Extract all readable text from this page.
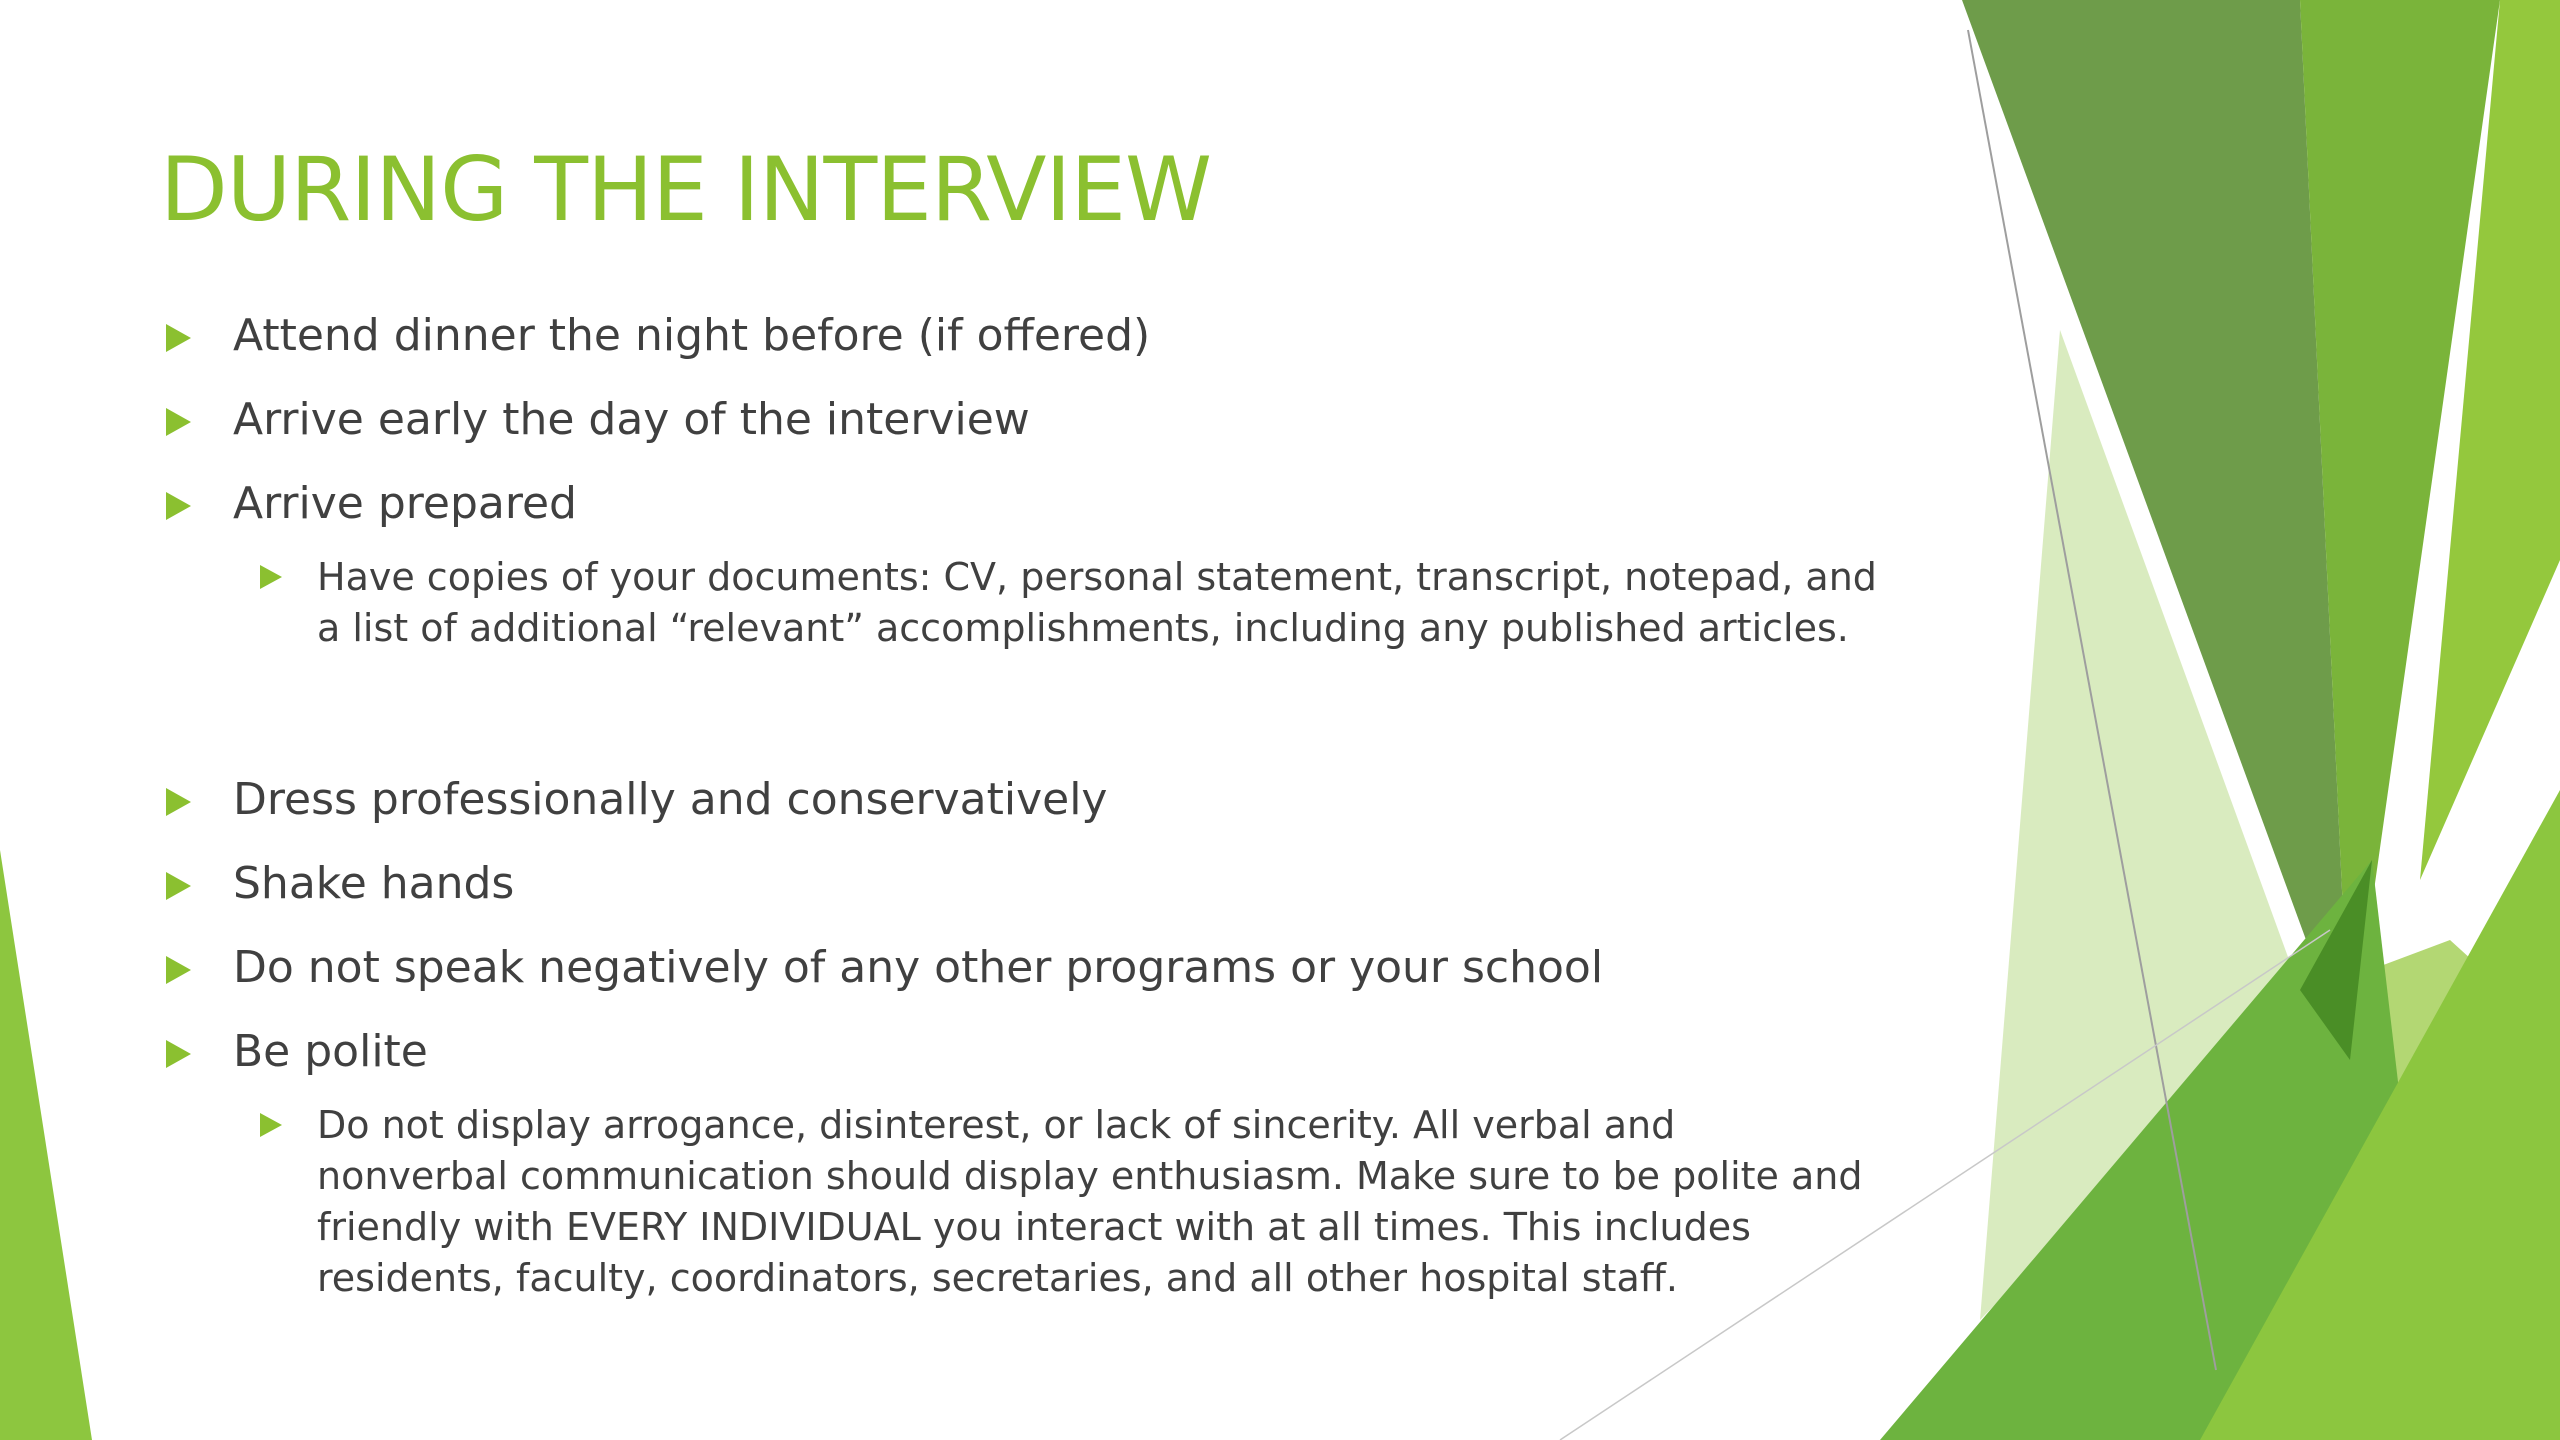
DURING THE INTERVIEW
Attend dinner the night before (if offered)
Arrive early the day of the interview
Arrive prepared
Have copies of your documents: CV, personal statement, transcript, notepad, and
a list of additional “relevant” accomplishments, including any published articles.
Dress professionally and conservatively
Shake hands
Do not speak negatively of any other programs or your school
Be polite
Do not display arrogance, disinterest, or lack of sincerity. All verbal and
nonverbal communication should display enthusiasm. Make sure to be polite and
friendly with EVERY INDIVIDUAL you interact with at all times. This includes
residents, faculty, coordinators, secretaries, and all other hospital staff.
